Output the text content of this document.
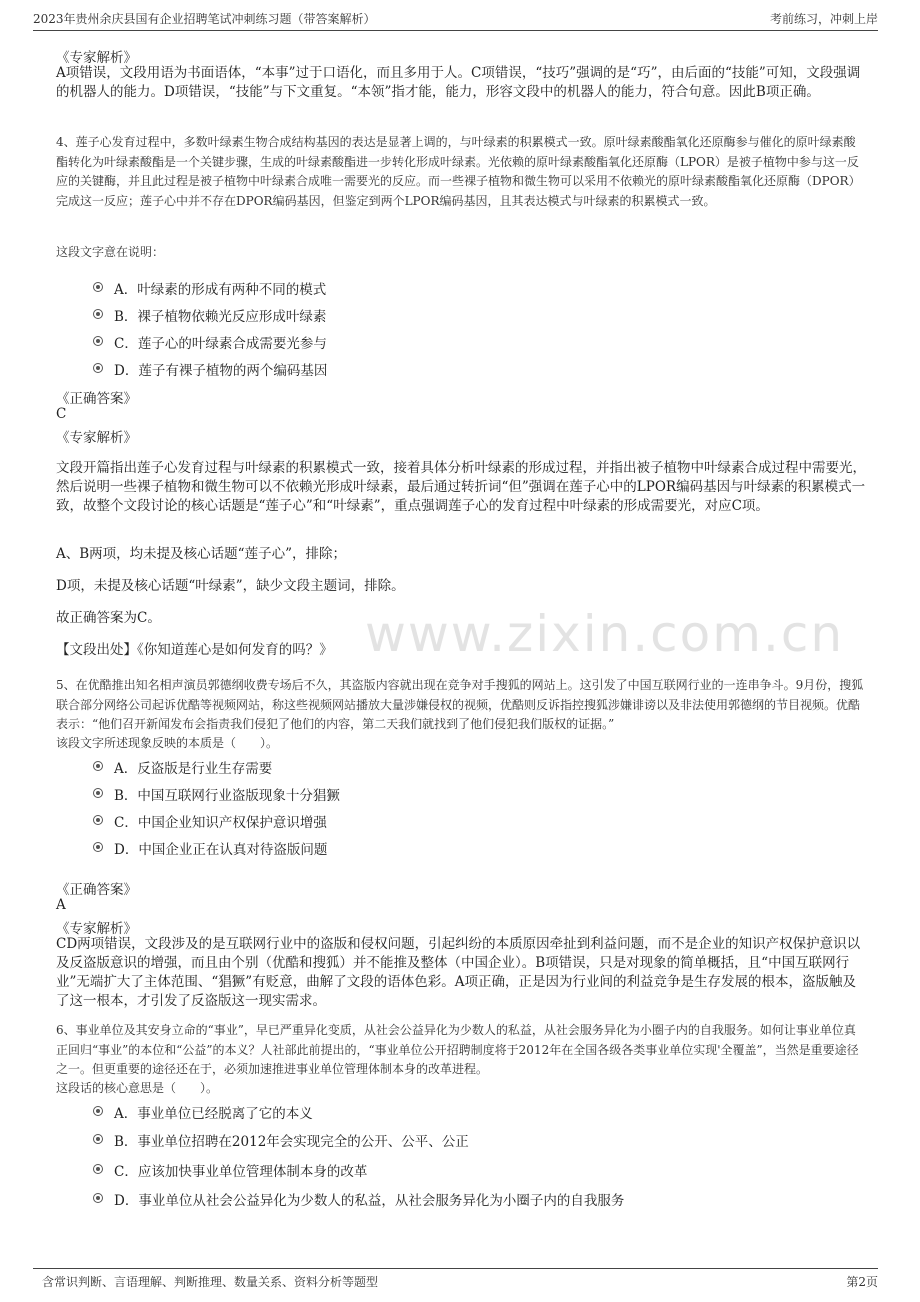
2023年贵州余庆县国有企业招聘笔试冲刺练习题（带答案解析）	考前练习，冲刺上岸
www.zixin.com.cn
《专家解析》
A项错误，文段用语为书面语体，“本事”过于口语化，而且多用于人。C项错误，“技巧”强调的是“巧”，由后面的“技能”可知，文段强调的机器人的能力。D项错误，“技能”与下文重复。“本领”指才能，能力，形容文段中的机器人的能力，符合句意。因此B项正确。
4、莲子心发育过程中，多数叶绿素生物合成结构基因的表达是显著上调的，与叶绿素的积累模式一致。原叶绿素酸酯氧化还原酶参与催化的原叶绿素酸酯转化为叶绿素酸酯是一个关键步骤，生成的叶绿素酸酯进一步转化形成叶绿素。光依赖的原叶绿素酸酯氧化还原酶（LPOR）是被子植物中参与这一反应的关键酶，并且此过程是被子植物中叶绿素合成唯一需要光的反应。而一些裸子植物和微生物可以采用不依赖光的原叶绿素酸酯氧化还原酶（DPOR）完成这一反应；莲子心中并不存在DPOR编码基因，但鉴定到两个LPOR编码基因，且其表达模式与叶绿素的积累模式一致。
这段文字意在说明：
A．叶绿素的形成有两种不同的模式
B．裸子植物依赖光反应形成叶绿素
C．莲子心的叶绿素合成需要光参与
D．莲子有裸子植物的两个编码基因
《正确答案》
C
《专家解析》
文段开篇指出莲子心发育过程与叶绿素的积累模式一致，接着具体分析叶绿素的形成过程，并指出被子植物中叶绿素合成过程中需要光，然后说明一些裸子植物和微生物可以不依赖光形成叶绿素，最后通过转折词“但”强调在莲子心中的LPOR编码基因与叶绿素的积累模式一致，故整个文段讨论的核心话题是“莲子心”和“叶绿素”，重点强调莲子心的发育过程中叶绿素的形成需要光，对应C项。
A、B两项，均未提及核心话题“莲子心”，排除；
D项，未提及核心话题“叶绿素”，缺少文段主题词，排除。
故正确答案为C。
【文段出处】《你知道莲心是如何发育的吗？》
5、在优酷推出知名相声演员郭德纲收费专场后不久，其盗版内容就出现在竞争对手搜狐的网站上。这引发了中国互联网行业的一连串争斗。9月份，搜狐联合部分网络公司起诉优酷等视频网站，称这些视频网站播放大量涉嫌侵权的视频，优酷则反诉指控搜狐涉嫌诽谤以及非法使用郭德纲的节目视频。优酷表示：“他们召开新闻发布会指责我们侵犯了他们的内容，第二天我们就找到了他们侵犯我们版权的证据。”
该段文字所述现象反映的本质是（　　）。
A．反盗版是行业生存需要
B．中国互联网行业盗版现象十分猖獗
C．中国企业知识产权保护意识增强
D．中国企业正在认真对待盗版问题
《正确答案》
A
《专家解析》
CD两项错误，文段涉及的是互联网行业中的盗版和侵权问题，引起纠纷的本质原因牵扯到利益问题，而不是企业的知识产权保护意识以及反盗版意识的增强，而且由个别（优酷和搜狐）并不能推及整体（中国企业）。B项错误，只是对现象的简单概括，且“中国互联网行业”无端扩大了主体范围、“猖獗”有贬意，曲解了文段的语体色彩。A项正确，正是因为行业间的利益竞争是生存发展的根本，盗版触及了这一根本，才引发了反盗版这一现实需求。
6、事业单位及其安身立命的“事业”，早已严重异化变质，从社会公益异化为少数人的私益，从社会服务异化为小圈子内的自我服务。如何让事业单位真正回归“事业”的本位和“公益”的本义？人社部此前提出的，“事业单位公开招聘制度将于2012年在全国各级各类事业单位实现'全覆盖”，当然是重要途径之一。但更重要的途径还在于，必须加速推进事业单位管理体制本身的改革进程。
这段话的核心意思是（　　）。
A．事业单位已经脱离了它的本义
B．事业单位招聘在2012年会实现完全的公开、公平、公正
C．应该加快事业单位管理体制本身的改革
D．事业单位从社会公益异化为少数人的私益，从社会服务异化为小圈子内的自我服务
含常识判断、言语理解、判断推理、数量关系、资料分析等题型	第2页
